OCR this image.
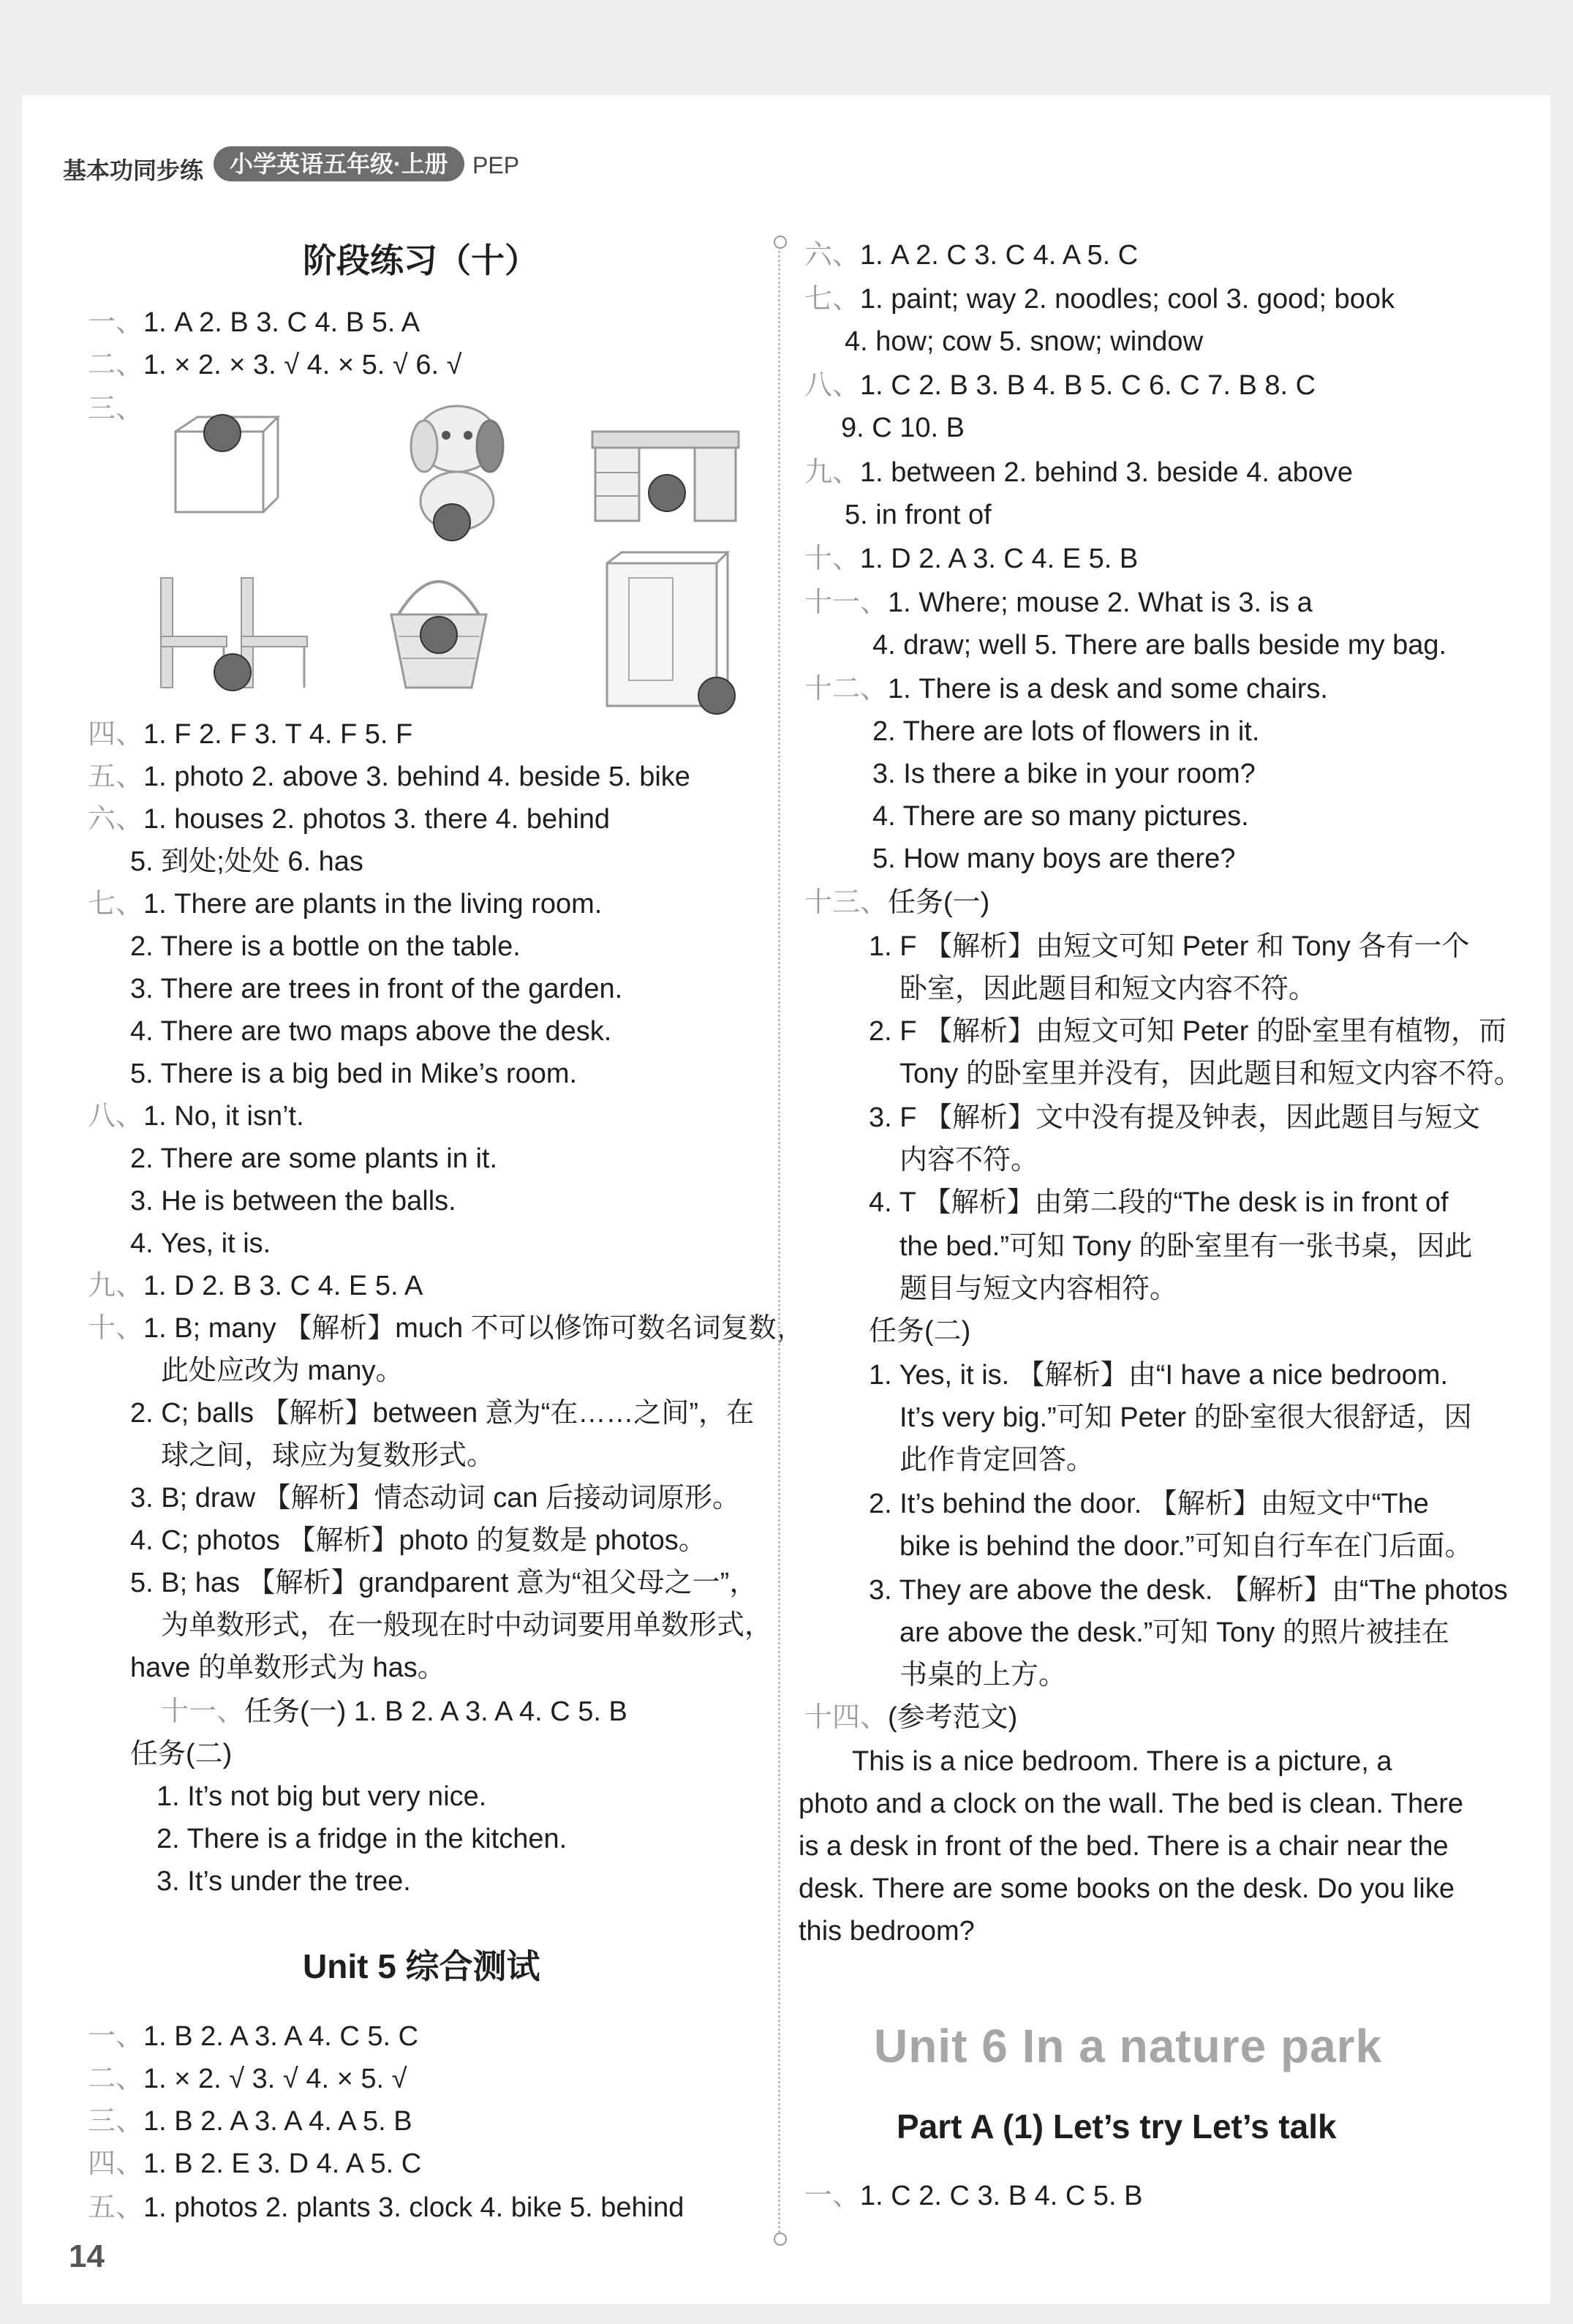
基本功同步练	小学英语五年级·上册	PEP
阶段练习（十）
一、1. A 2. B 3. C 4. B 5. A
二、1. × 2. × 3. √ 4. × 5. √ 6. √
三、
四、1. F 2. F 3. T 4. F 5. F
五、1. photo 2. above 3. behind 4. beside 5. bike
六、1. houses 2. photos 3. there 4. behind
5. 到处;处处 6. has
七、1. There are plants in the living room.
2. There is a bottle on the table.
3. There are trees in front of the garden.
4. There are two maps above the desk.
5. There is a big bed in Mike’s room.
八、1. No, it isn’t.
2. There are some plants in it.
3. He is between the balls.
4. Yes, it is.
九、1. D 2. B 3. C 4. E 5. A
十、1. B; many 【解析】much 不可以修饰可数名词复数，
此处应改为 many。
2. C; balls 【解析】between 意为“在……之间”，在
球之间，球应为复数形式。
3. B; draw 【解析】情态动词 can 后接动词原形。
4. C; photos 【解析】photo 的复数是 photos。
5. B; has 【解析】grandparent 意为“祖父母之一”，
为单数形式，在一般现在时中动词要用单数形式，
have 的单数形式为 has。
十一、任务(一) 1. B 2. A 3. A 4. C 5. B
任务(二)
1. It’s not big but very nice.
2. There is a fridge in the kitchen.
3. It’s under the tree.
Unit 5 综合测试
一、1. B 2. A 3. A 4. C 5. C
二、1. × 2. √ 3. √ 4. × 5. √
三、1. B 2. A 3. A 4. A 5. B
四、1. B 2. E 3. D 4. A 5. C
五、1. photos 2. plants 3. clock 4. bike 5. behind
14
六、1. A 2. C 3. C 4. A 5. C
七、1. paint; way 2. noodles; cool 3. good; book
4. how; cow 5. snow; window
八、1. C 2. B 3. B 4. B 5. C 6. C 7. B 8. C
9. C 10. B
九、1. between 2. behind 3. beside 4. above
5. in front of
十、1. D 2. A 3. C 4. E 5. B
十一、1. Where; mouse 2. What is 3. is a
4. draw; well 5. There are balls beside my bag.
十二、1. There is a desk and some chairs.
2. There are lots of flowers in it.
3. Is there a bike in your room?
4. There are so many pictures.
5. How many boys are there?
十三、任务(一)
1. F 【解析】由短文可知 Peter 和 Tony 各有一个
卧室，因此题目和短文内容不符。
2. F 【解析】由短文可知 Peter 的卧室里有植物，而
Tony 的卧室里并没有，因此题目和短文内容不符。
3. F 【解析】文中没有提及钟表，因此题目与短文
内容不符。
4. T 【解析】由第二段的“The desk is in front of
the bed.”可知 Tony 的卧室里有一张书桌，因此
题目与短文内容相符。
任务(二)
1. Yes, it is. 【解析】由“I have a nice bedroom.
It’s very big.”可知 Peter 的卧室很大很舒适，因
此作肯定回答。
2. It’s behind the door. 【解析】由短文中“The
bike is behind the door.”可知自行车在门后面。
3. They are above the desk. 【解析】由“The photos
are above the desk.”可知 Tony 的照片被挂在
书桌的上方。
十四、(参考范文)
This is a nice bedroom. There is a picture, a
photo and a clock on the wall. The bed is clean. There
is a desk in front of the bed. There is a chair near the
desk. There are some books on the desk. Do you like
this bedroom?
Unit 6 In a nature park
Part A (1) Let’s try Let’s talk
一、1. C 2. C 3. B 4. C 5. B
